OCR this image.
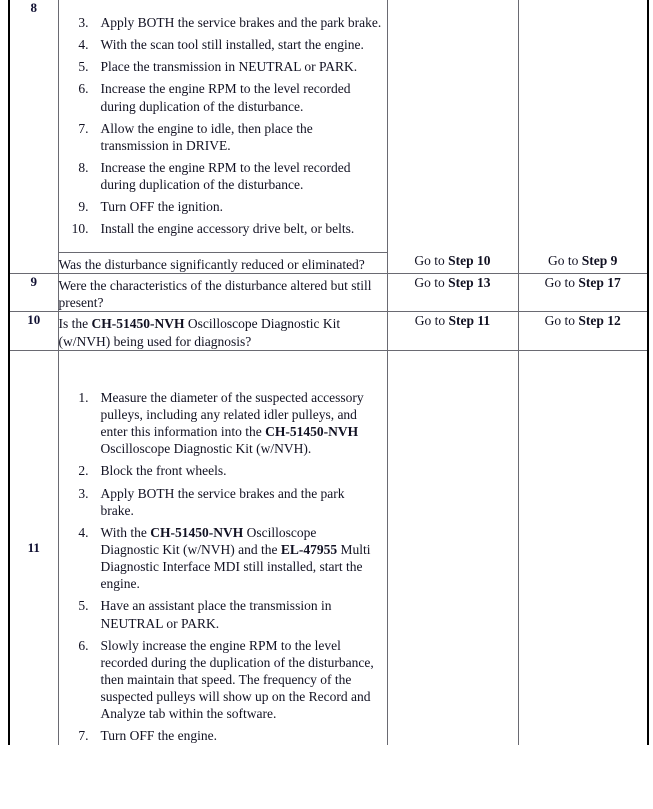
8	
3. Apply BOTH the service brakes and the park brake.
4. With the scan tool still installed, start the engine.
5. Place the transmission in NEUTRAL or PARK.
6. Increase the engine RPM to the level recorded during duplication of the disturbance.
7. Allow the engine to idle, then place the transmission in DRIVE.
8. Increase the engine RPM to the level recorded during duplication of the disturbance.
9. Turn OFF the ignition.
10. Install the engine accessory drive belt, or belts.

	Was the disturbance significantly reduced or eliminated?	Go to Step 10	Go to Step 9
9	Were the characteristics of the disturbance altered but still present?	Go to Step 13	Go to Step 17
10	Is the CH-51450-NVH Oscilloscope Diagnostic Kit (w/NVH) being used for diagnosis?	Go to Step 11	Go to Step 12
11	
1. Measure the diameter of the suspected accessory pulleys, including any related idler pulleys, and enter this information into the CH-51450-NVH Oscilloscope Diagnostic Kit (w/NVH).
2. Block the front wheels.
3. Apply BOTH the service brakes and the park brake.
4. With the CH-51450-NVH Oscilloscope Diagnostic Kit (w/NVH) and the EL-47955 Multi Diagnostic Interface MDI still installed, start the engine.
5. Have an assistant place the transmission in NEUTRAL or PARK.
6. Slowly increase the engine RPM to the level recorded during the duplication of the disturbance, then maintain that speed. The frequency of the suspected pulleys will show up on the Record and Analyze tab within the software.
7. Turn OFF the engine.
